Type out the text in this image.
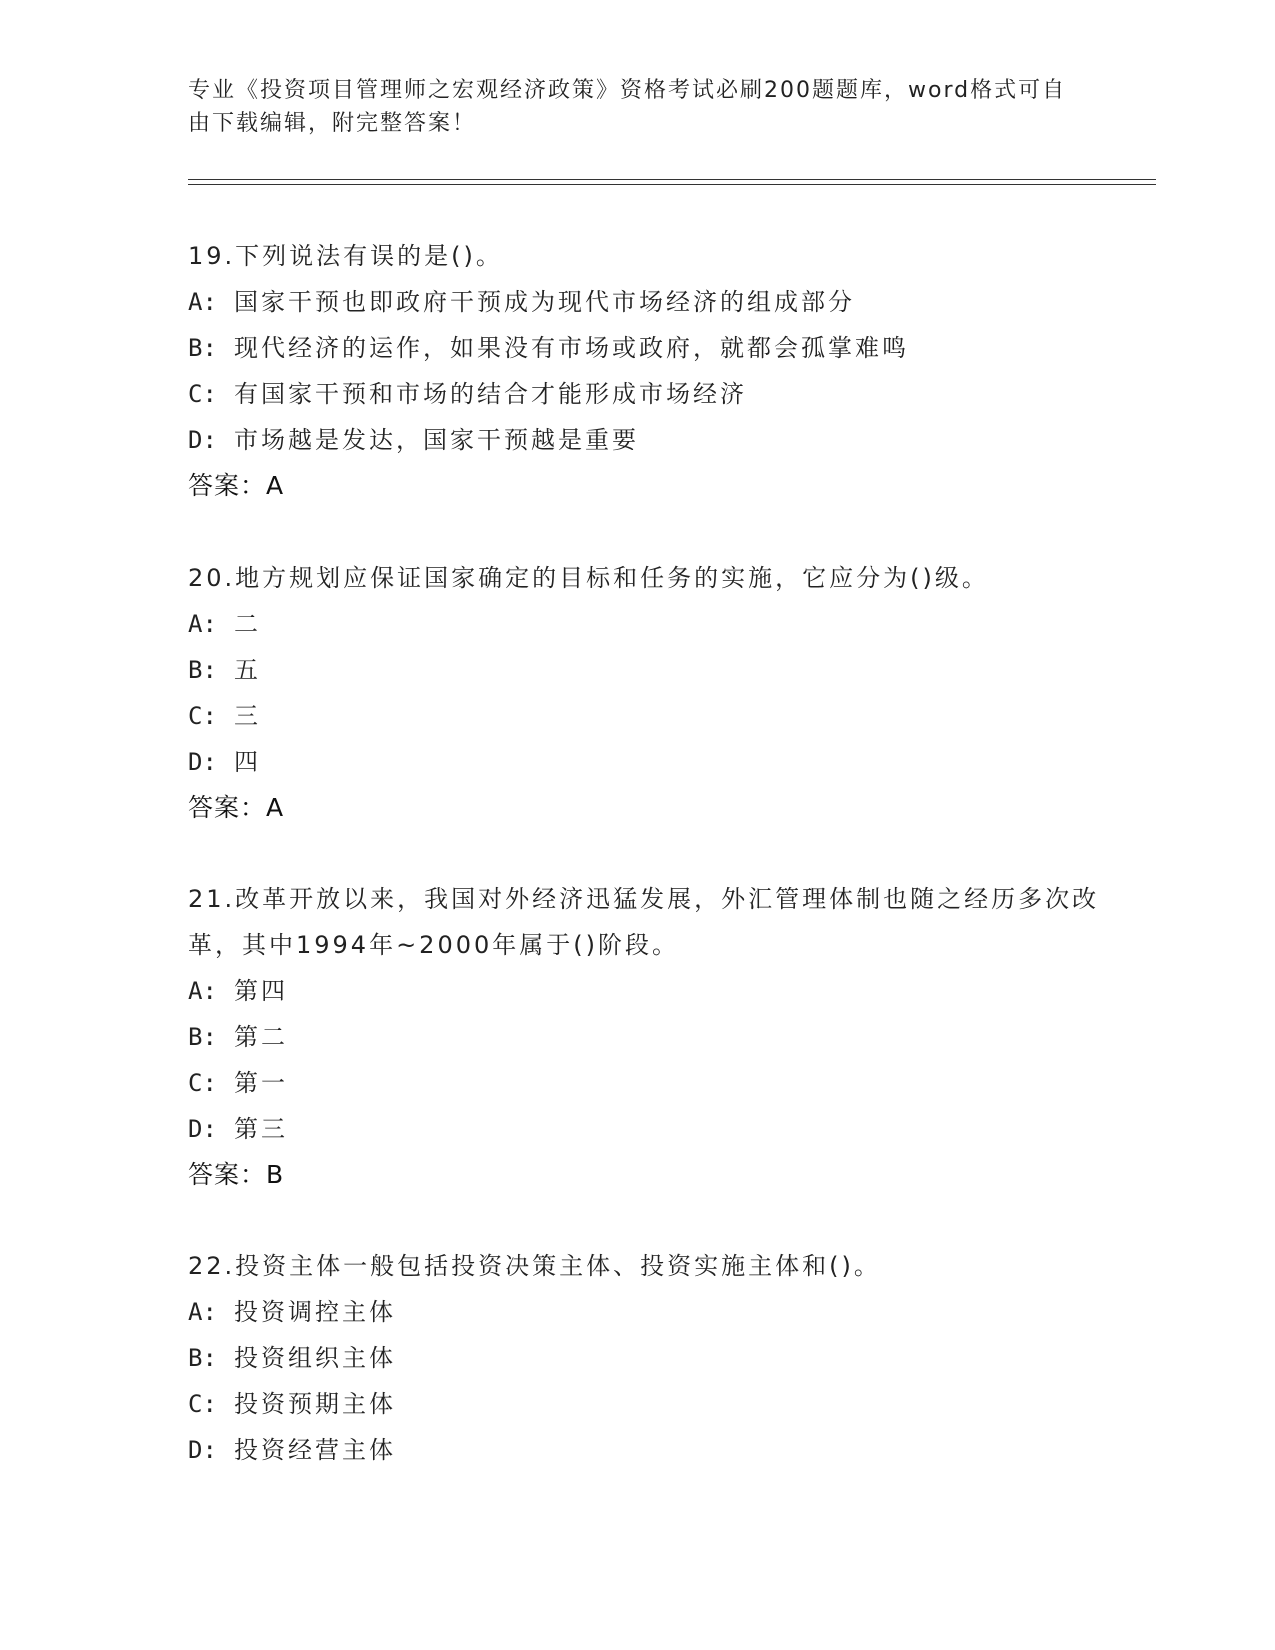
专业《投资项目管理师之宏观经济政策》资格考试必刷200题题库，word格式可自由下载编辑，附完整答案！
19.下列说法有误的是()。
A: 国家干预也即政府干预成为现代市场经济的组成部分
B: 现代经济的运作，如果没有市场或政府，就都会孤掌难鸣
C: 有国家干预和市场的结合才能形成市场经济
D: 市场越是发达，国家干预越是重要
答案：A
20.地方规划应保证国家确定的目标和任务的实施，它应分为()级。
A: 二
B: 五
C: 三
D: 四
答案：A
21.改革开放以来，我国对外经济迅猛发展，外汇管理体制也随之经历多次改革，其中1994年~2000年属于()阶段。
A: 第四
B: 第二
C: 第一
D: 第三
答案：B
22.投资主体一般包括投资决策主体、投资实施主体和()。
A: 投资调控主体
B: 投资组织主体
C: 投资预期主体
D: 投资经营主体
